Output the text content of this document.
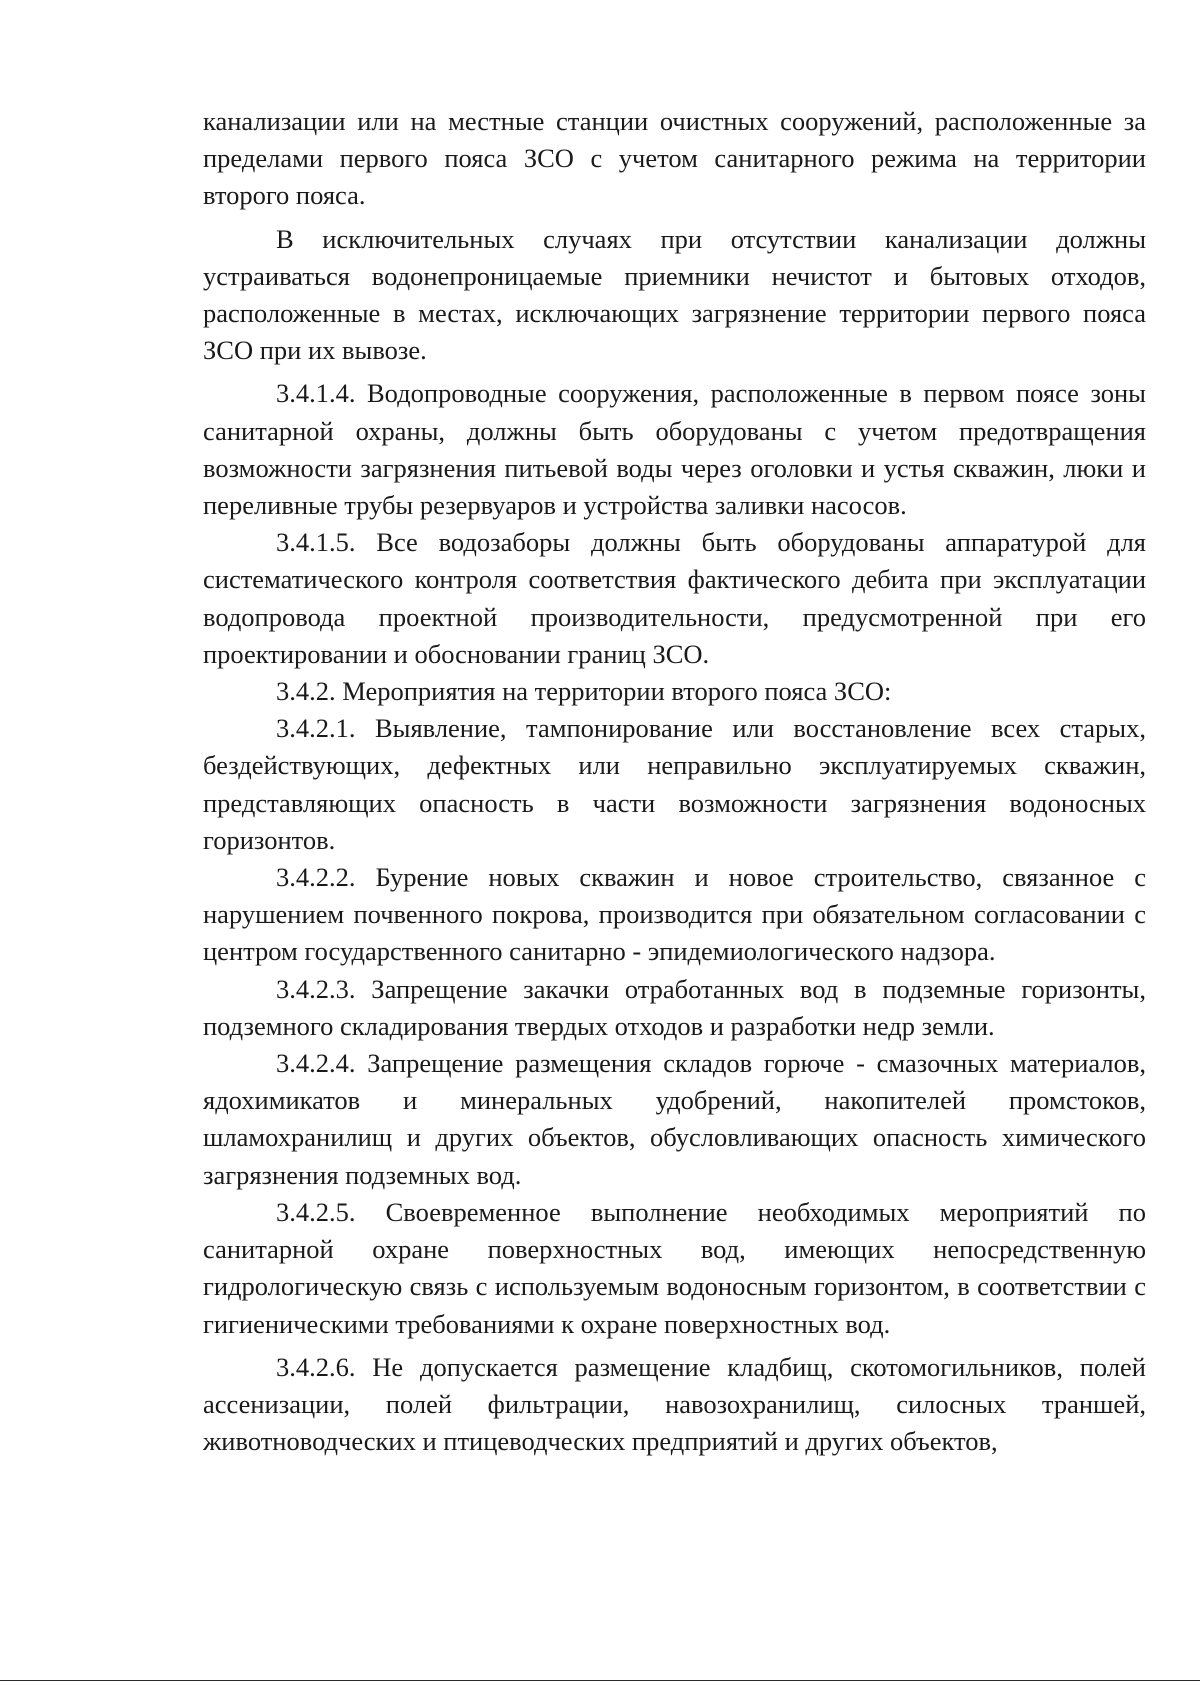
канализации или на местные станции очистных сооружений, расположенные за пределами первого пояса ЗСО с учетом санитарного режима на территории второго пояса.

В исключительных случаях при отсутствии канализации должны устраиваться водонепроницаемые приемники нечистот и бытовых отходов, расположенные в местах, исключающих загрязнение территории первого пояса ЗСО при их вывозе.

3.4.1.4. Водопроводные сооружения, расположенные в первом поясе зоны санитарной охраны, должны быть оборудованы с учетом предотвращения возможности загрязнения питьевой воды через оголовки и устья скважин, люки и переливные трубы резервуаров и устройства заливки насосов.

3.4.1.5. Все водозаборы должны быть оборудованы аппаратурой для систематического контроля соответствия фактического дебита при эксплуатации водопровода проектной производительности, предусмотренной при его проектировании и обосновании границ ЗСО.

3.4.2. Мероприятия на территории второго пояса ЗСО:

3.4.2.1. Выявление, тампонирование или восстановление всех старых, бездействующих, дефектных или неправильно эксплуатируемых скважин, представляющих опасность в части возможности загрязнения водоносных горизонтов.

3.4.2.2. Бурение новых скважин и новое строительство, связанное с нарушением почвенного покрова, производится при обязательном согласовании с центром государственного санитарно - эпидемиологического надзора.

3.4.2.3. Запрещение закачки отработанных вод в подземные горизонты, подземного складирования твердых отходов и разработки недр земли.

3.4.2.4. Запрещение размещения складов горюче - смазочных материалов, ядохимикатов и минеральных удобрений, накопителей промстоков, шламохранилищ и других объектов, обусловливающих опасность химического загрязнения подземных вод.

3.4.2.5. Своевременное выполнение необходимых мероприятий по санитарной охране поверхностных вод, имеющих непосредственную гидрологическую связь с используемым водоносным горизонтом, в соответствии с гигиеническими требованиями к охране поверхностных вод.

3.4.2.6. Не допускается размещение кладбищ, скотомогильников, полей ассенизации, полей фильтрации, навозохранилищ, силосных траншей, животноводческих и птицеводческих предприятий и других объектов,
